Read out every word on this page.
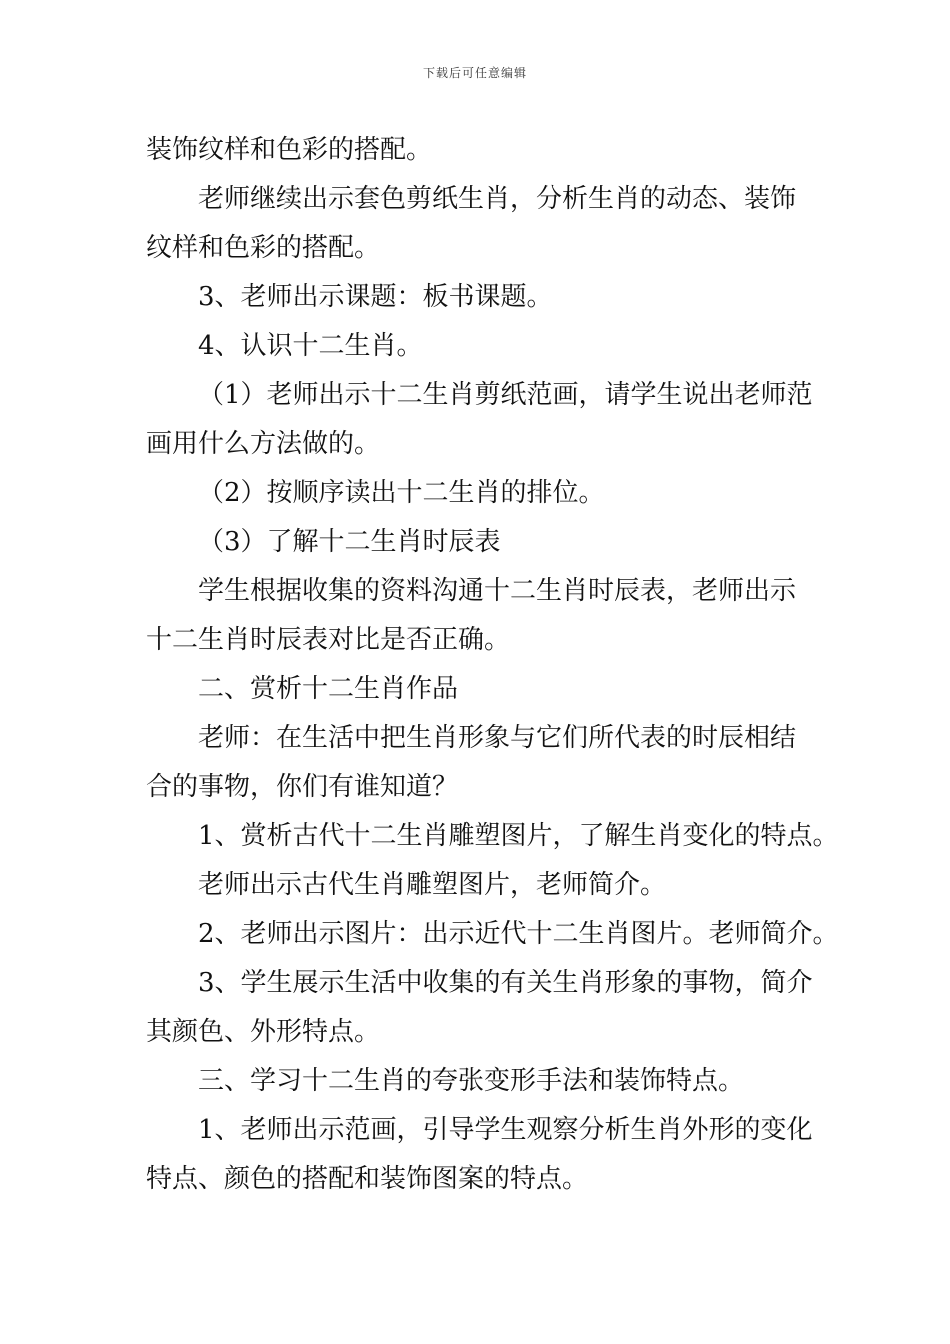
下载后可任意编辑
装饰纹样和色彩的搭配。
老师继续出示套色剪纸生肖，分析生肖的动态、装饰
纹样和色彩的搭配。
3、老师出示课题：板书课题。
4、认识十二生肖。
（1）老师出示十二生肖剪纸范画，请学生说出老师范
画用什么方法做的。
（2）按顺序读出十二生肖的排位。
（3）了解十二生肖时辰表
学生根据收集的资料沟通十二生肖时辰表，老师出示
十二生肖时辰表对比是否正确。
二、赏析十二生肖作品
老师：在生活中把生肖形象与它们所代表的时辰相结
合的事物，你们有谁知道？
1、赏析古代十二生肖雕塑图片，了解生肖变化的特点。
老师出示古代生肖雕塑图片，老师简介。
2、老师出示图片：出示近代十二生肖图片。老师简介。
3、学生展示生活中收集的有关生肖形象的事物，简介
其颜色、外形特点。
三、学习十二生肖的夸张变形手法和装饰特点。
1、老师出示范画，引导学生观察分析生肖外形的变化
特点、颜色的搭配和装饰图案的特点。
